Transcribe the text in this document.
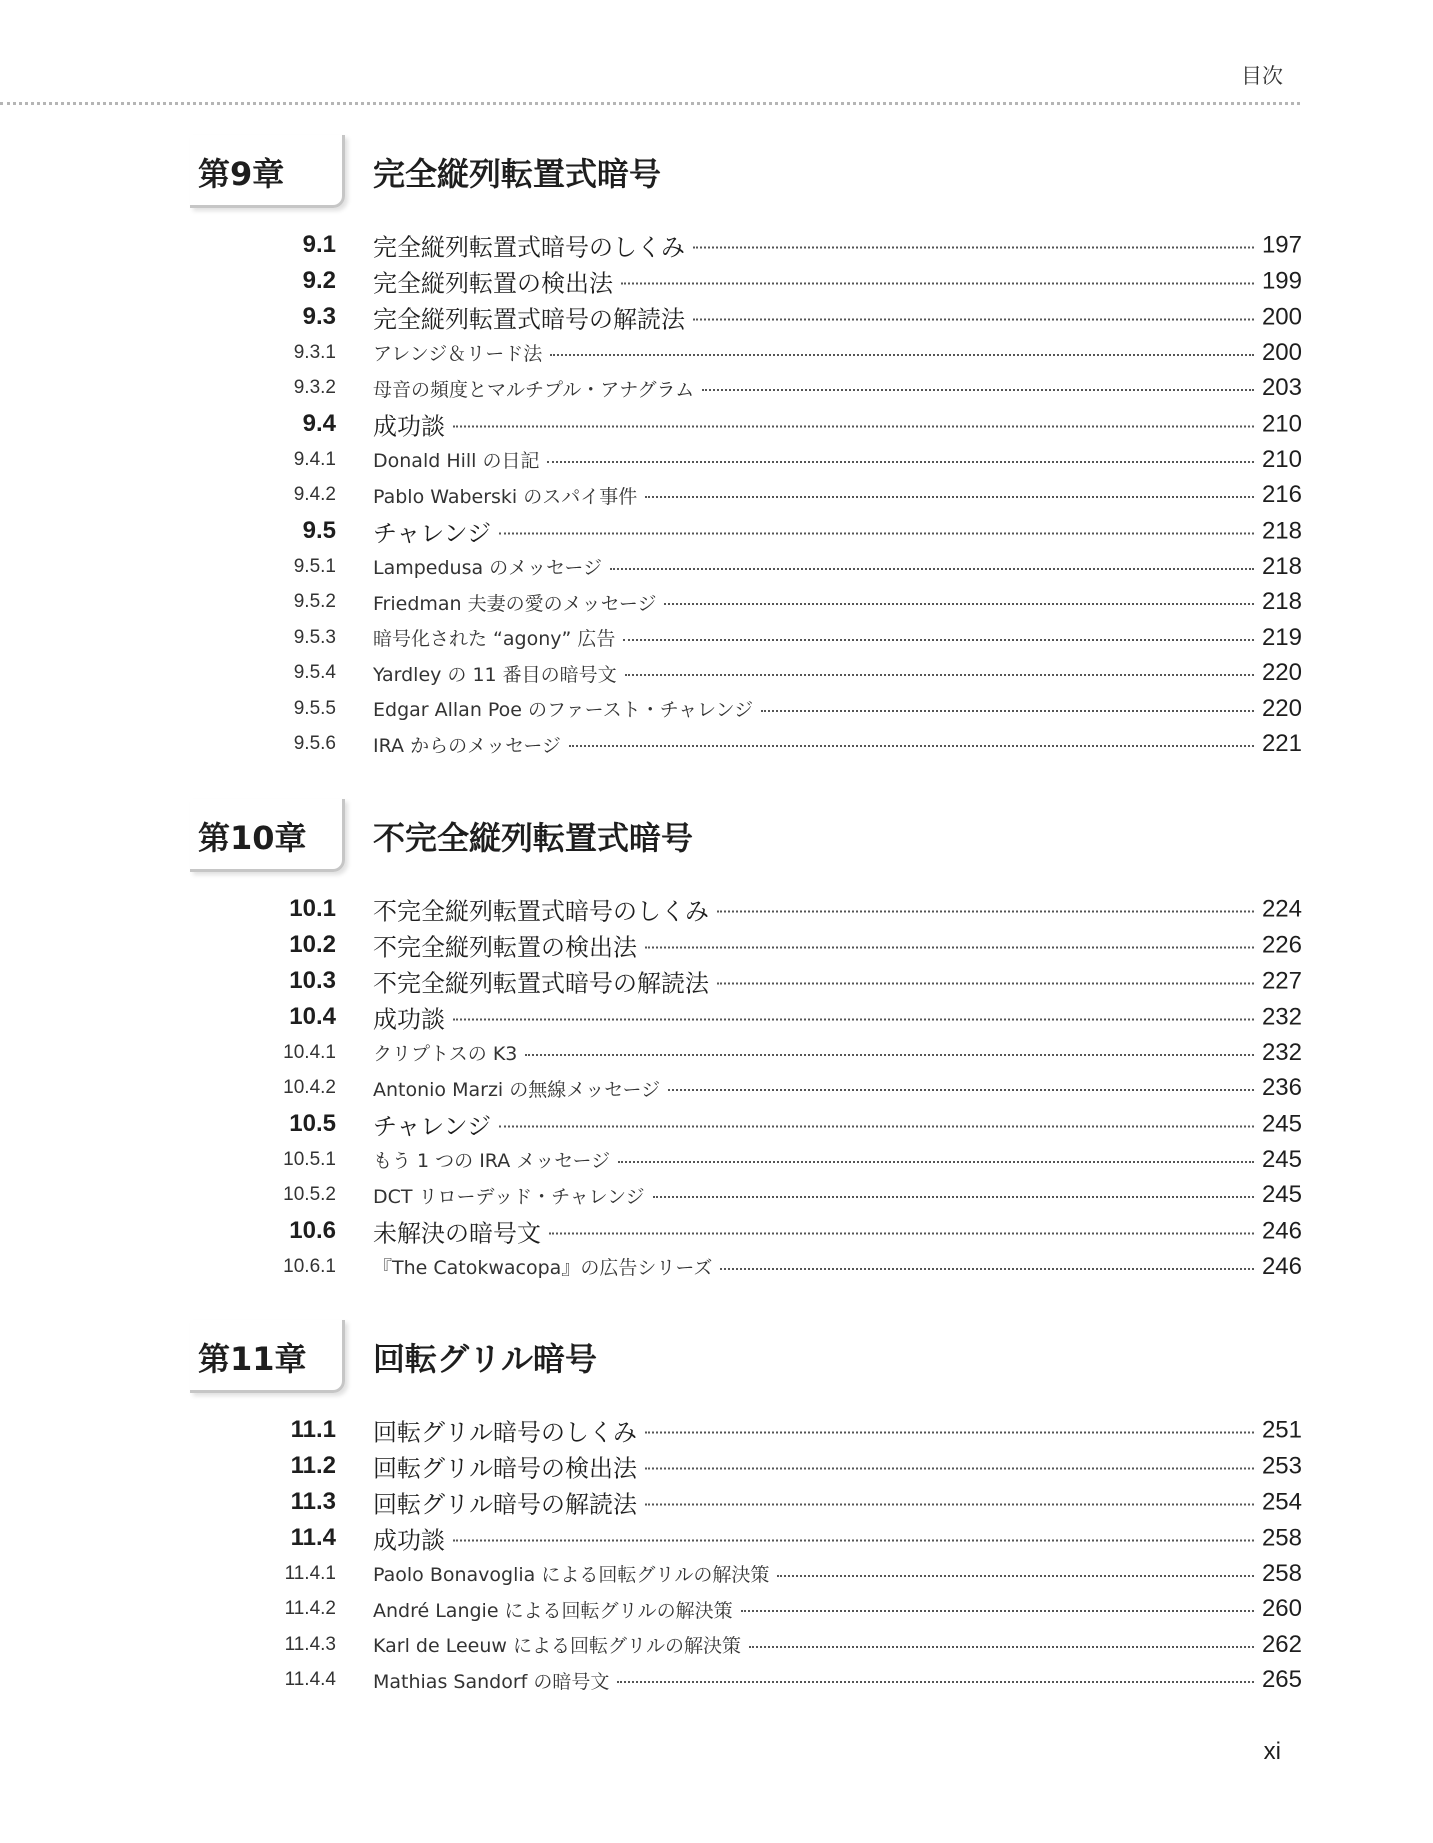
目次
第9章	完全縦列転置式暗号
9.1 完全縦列転置式暗号のしくみ	197
9.2 完全縦列転置の検出法	199
9.3 完全縦列転置式暗号の解読法	200
9.3.1 アレンジ＆リード法	200
9.3.2 母音の頻度とマルチプル・アナグラム	203
9.4 成功談	210
9.4.1 Donald Hill の日記	210
9.4.2 Pablo Waberski のスパイ事件	216
9.5 チャレンジ	218
9.5.1 Lampedusa のメッセージ	218
9.5.2 Friedman 夫妻の愛のメッセージ	218
9.5.3 暗号化された “agony” 広告	219
9.5.4 Yardley の 11 番目の暗号文	220
9.5.5 Edgar Allan Poe のファースト・チャレンジ	220
9.5.6 IRA からのメッセージ	221
第10章 不完全縦列転置式暗号
10.1 不完全縦列転置式暗号のしくみ	224
10.2 不完全縦列転置の検出法	226
10.3 不完全縦列転置式暗号の解読法	227
10.4 成功談	232
10.4.1 クリプトスの K3	232
10.4.2 Antonio Marzi の無線メッセージ	236
10.5 チャレンジ	245
10.5.1 もう 1 つの IRA メッセージ	245
10.5.2 DCT リローデッド・チャレンジ	245
10.6 未解決の暗号文	246
10.6.1 『The Catokwacopa』の広告シリーズ	246
第11章 回転グリル暗号
11.1 回転グリル暗号のしくみ	251
11.2 回転グリル暗号の検出法	253
11.3 回転グリル暗号の解読法	254
11.4 成功談	258
11.4.1 Paolo Bonavoglia による回転グリルの解決策	258
11.4.2 André Langie による回転グリルの解決策	260
11.4.3 Karl de Leeuw による回転グリルの解決策	262
11.4.4 Mathias Sandorf の暗号文	265
xi
